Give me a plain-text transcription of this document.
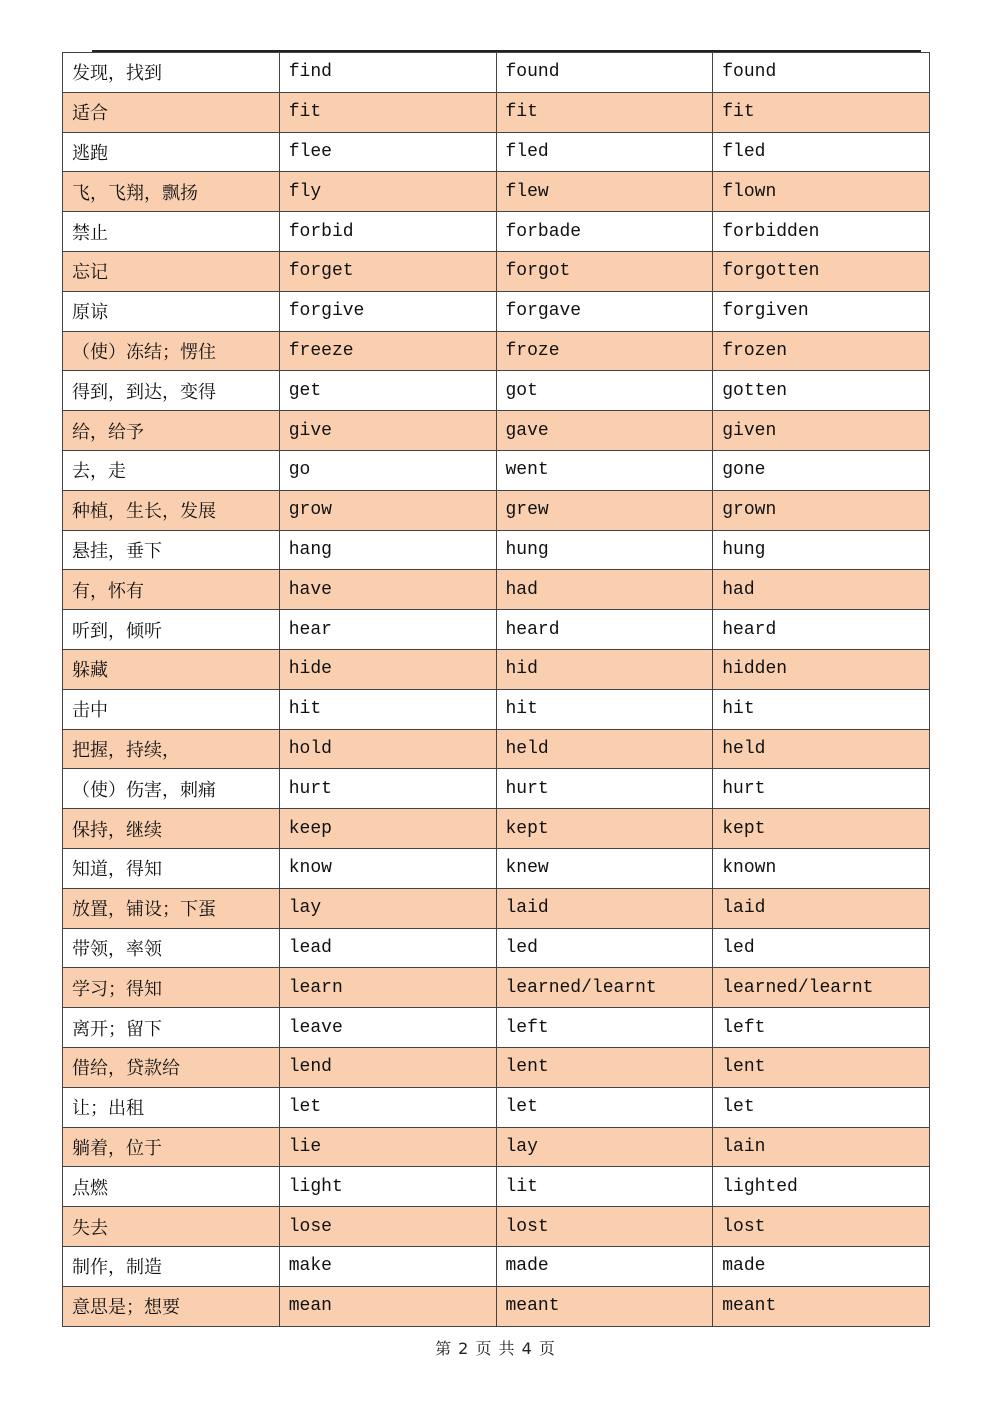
发现，找到	find	found	found
适合	fit	fit	fit
逃跑	flee	fled	fled
飞，飞翔，飘扬	fly	flew	flown
禁止	forbid	forbade	forbidden
忘记	forget	forgot	forgotten
原谅	forgive	forgave	forgiven
（使）冻结；愣住	freeze	froze	frozen
得到，到达，变得	get	got	gotten
给，给予	give	gave	given
去，走	go	went	gone
种植，生长，发展	grow	grew	grown
悬挂，垂下	hang	hung	hung
有，怀有	have	had	had
听到，倾听	hear	heard	heard
躲藏	hide	hid	hidden
击中	hit	hit	hit
把握，持续，	hold	held	held
（使）伤害，刺痛	hurt	hurt	hurt
保持，继续	keep	kept	kept
知道，得知	know	knew	known
放置，铺设；下蛋	lay	laid	laid
带领，率领	lead	led	led
学习；得知	learn	learned/learnt	learned/learnt
离开；留下	leave	left	left
借给，贷款给	lend	lent	lent
让；出租	let	let	let
躺着，位于	lie	lay	lain
点燃	light	lit	lighted
失去	lose	lost	lost
制作，制造	make	made	made
意思是；想要	mean	meant	meant
第 2 页 共 4 页
